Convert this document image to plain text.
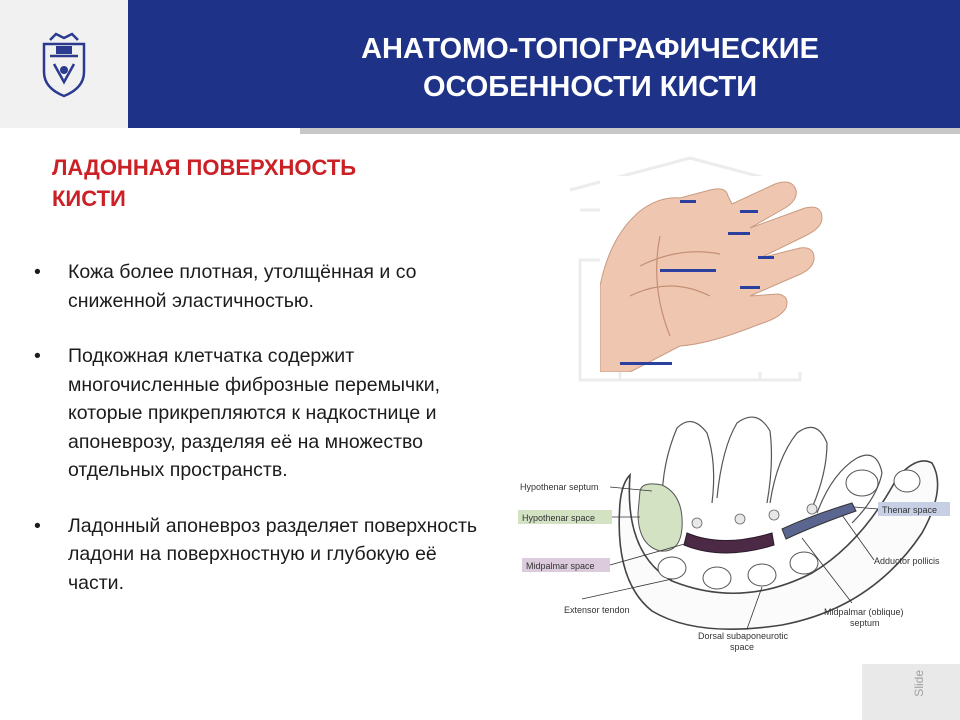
АНАТОМО-ТОПОГРАФИЧЕСКИЕ
ОСОБЕННОСТИ КИСТИ
ЛАДОННАЯ ПОВЕРХНОСТЬ
КИСТИ
• Кожа более плотная, утолщённая и со сниженной эластичностью.
• Подкожная клетчатка содержит многочисленные фиброзные перемычки, которые прикрепляются к надкостнице и апоневрозу, разделяя её на множество отдельных пространств.
• Ладонный апоневроз разделяет поверхность ладони на поверхностную и глубокую её части.
Hypothenar septum
Hypothenar space
Midpalmar space
Extensor tendon
Dorsal subaponeurotic
space
Midpalmar (oblique)
septum
Adductor pollicis
Thenar space
Slide
